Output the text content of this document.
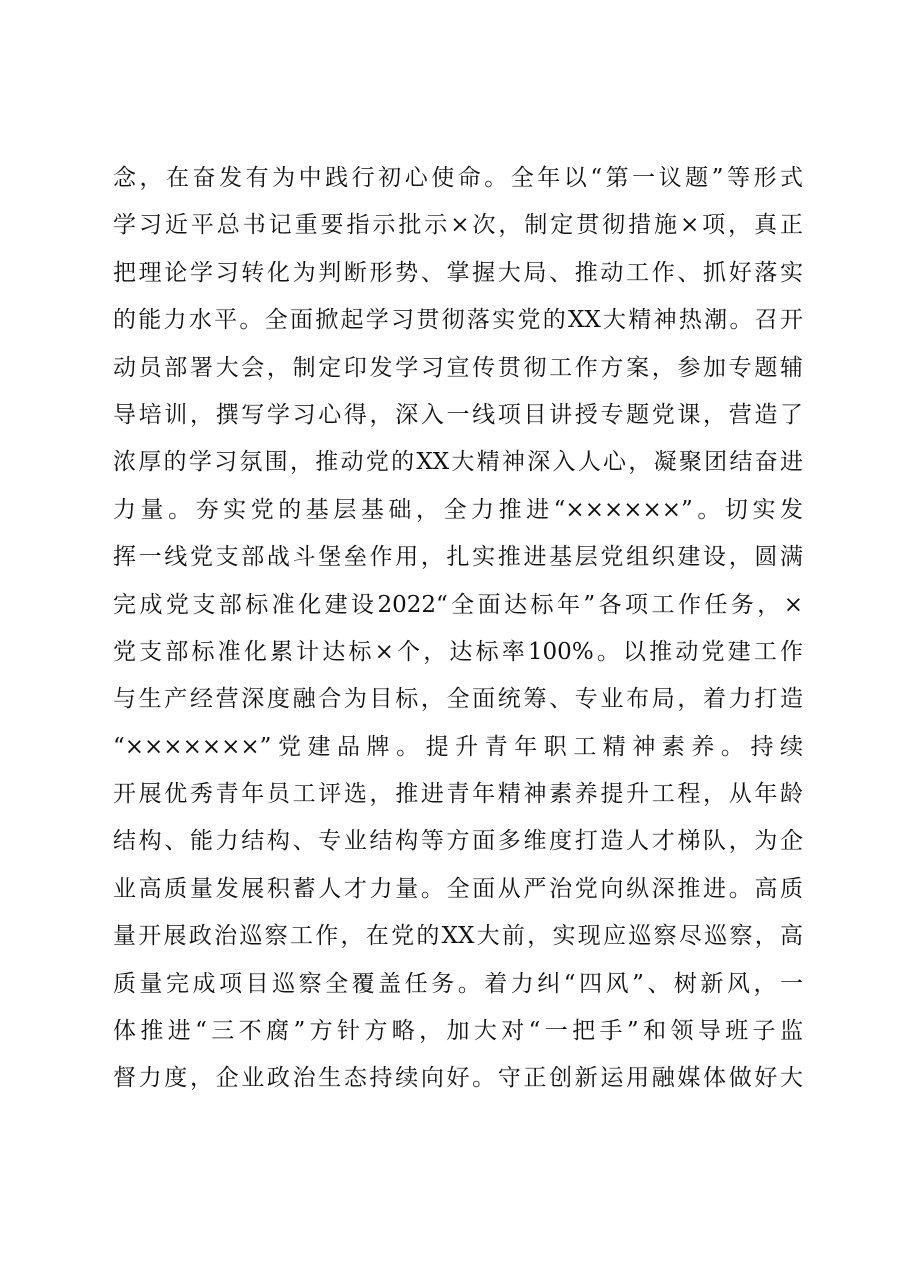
念，在奋发有为中践行初心使命。全年以“第一议题”等形式
学习近平总书记重要指示批示×次，制定贯彻措施×项，真正
把理论学习转化为判断形势、掌握大局、推动工作、抓好落实
的能力水平。全面掀起学习贯彻落实党的XX大精神热潮。召开
动员部署大会，制定印发学习宣传贯彻工作方案，参加专题辅
导培训，撰写学习心得，深入一线项目讲授专题党课，营造了
浓厚的学习氛围，推动党的XX大精神深入人心，凝聚团结奋进
力量。夯实党的基层基础，全力推进“××××××”。切实发
挥一线党支部战斗堡垒作用，扎实推进基层党组织建设，圆满
完成党支部标准化建设2022“全面达标年”各项工作任务，×
党支部标准化累计达标×个，达标率100%。以推动党建工作
与生产经营深度融合为目标，全面统筹、专业布局，着力打造
“×××××××”党建品牌。提升青年职工精神素养。持续
开展优秀青年员工评选，推进青年精神素养提升工程，从年龄
结构、能力结构、专业结构等方面多维度打造人才梯队，为企
业高质量发展积蓄人才力量。全面从严治党向纵深推进。高质
量开展政治巡察工作，在党的XX大前，实现应巡察尽巡察，高
质量完成项目巡察全覆盖任务。着力纠“四风”、树新风，一
体推进“三不腐”方针方略，加大对“一把手”和领导班子监
督力度，企业政治生态持续向好。守正创新运用融媒体做好大
